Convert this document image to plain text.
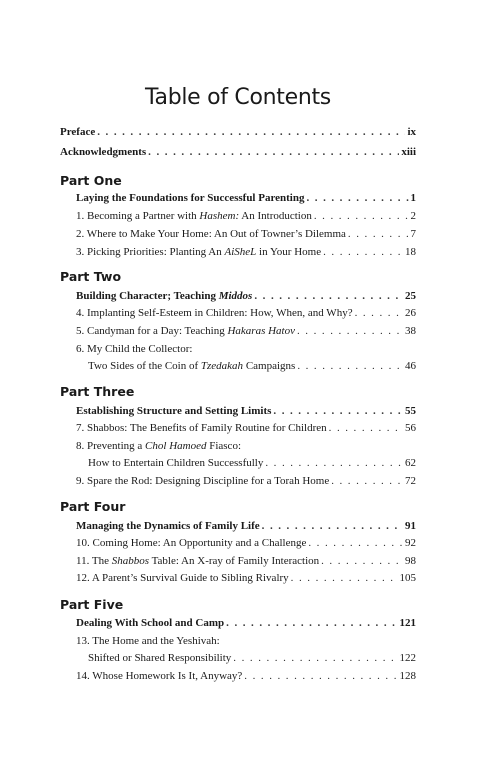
Table of Contents
Preface . . .	ix
Acknowledgments . . .	xiii
Part One
Laying the Foundations for Successful Parenting . . .	1
1. Becoming a Partner with Hashem: An Introduction . . .	2
2. Where to Make Your Home: An Out of Towner’s Dilemma . . .	7
3. Picking Priorities: Planting An AiSheL in Your Home . . .	18
Part Two
Building Character; Teaching Middos . . .	25
4. Implanting Self-Esteem in Children: How, When, and Why? . . .	26
5. Candyman for a Day: Teaching Hakaras Hatov . . .	38
6. My Child the Collector:
Two Sides of the Coin of Tzedakah Campaigns . . .	46
Part Three
Establishing Structure and Setting Limits . . .	55
7. Shabbos: The Benefits of Family Routine for Children . . .	56
8. Preventing a Chol Hamoed Fiasco:
How to Entertain Children Successfully . . .	62
9. Spare the Rod: Designing Discipline for a Torah Home . . .	72
Part Four
Managing the Dynamics of Family Life . . .	91
10. Coming Home: An Opportunity and a Challenge . . .	92
11. The Shabbos Table: An X-ray of Family Interaction . . .	98
12. A Parent’s Survival Guide to Sibling Rivalry . . .	105
Part Five
Dealing With School and Camp . . .	121
13. The Home and the Yeshivah:
Shifted or Shared Responsibility . . .	122
14. Whose Homework Is It, Anyway? . . .	128
